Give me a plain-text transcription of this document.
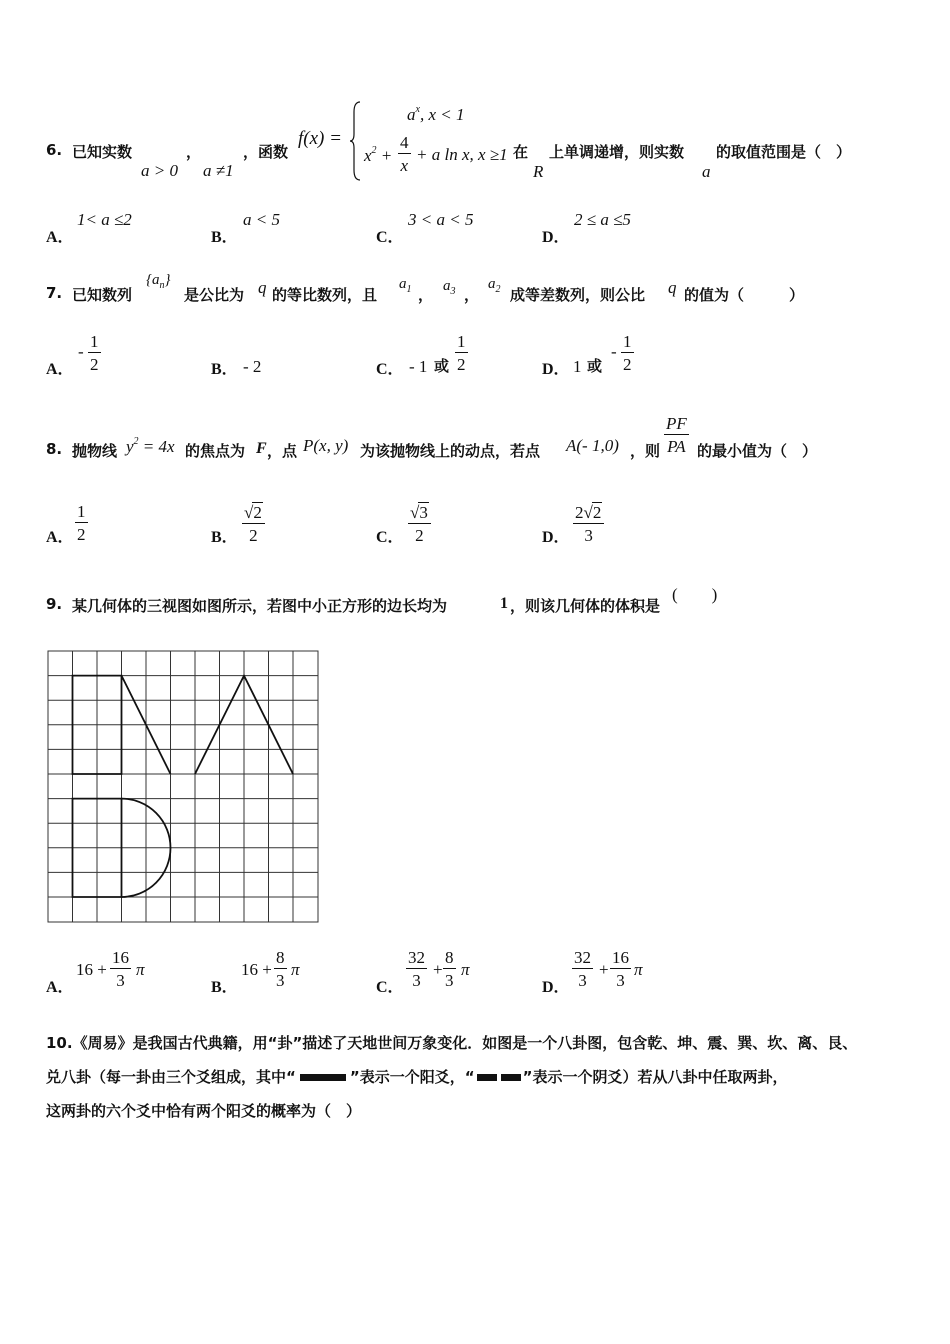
6. 已知实数
a > 0
，
a ≠1
，函数
f(x) =
$a^x$, x < 1
$x^2$ +
4
x
+ a ln x, x ≥1 在
R
上单调递增，则实数
a
的取值范围是（　）
A．
1< a ≤2
B．
a < 5
C．
3 < a < 5
D．
2 ≤ a ≤5
7. 已知数列
$\{a_n\}$
是公比为 q 的等比数列，且
$a_1$ ， $a_3$ ，
$a_2$ 成等差数列，则公比 q 的值为（　　　）
A．
-
1
2	B． - 2	C． - 1 或
1
2	D． 1 或
-
1
2
8. 抛物线 $y^2 = 4x$ 的焦点为 F ，点 P(x, y) 为该抛物线上的动点，若点 A(- 1,0) ，则
PF
PA 的最小值为（　）
A．
1
2	B．
√2
2	C．
√3
2	D．
2√2
3
9. 某几何体的三视图如图所示，若图中小正方形的边长均为	1 ，则该几何体的体积是
(　　)
A．
16 +
16
3
π
B．
16 +
8
3
π
C．
32
3
+
8
3
π
D．
32
3
+
16
3
π
10.《周易》是我国古代典籍，用“卦”描述了天地世间万象变化．如图是一个八卦图，包含乾、坤、震、巽、坎、离、艮、
兑八卦（每一卦由三个爻组成，其中“	”表示一个阳爻，“	”表示一个阴爻）若从八卦中任取两卦，
这两卦的六个爻中恰有两个阳爻的概率为（　）
